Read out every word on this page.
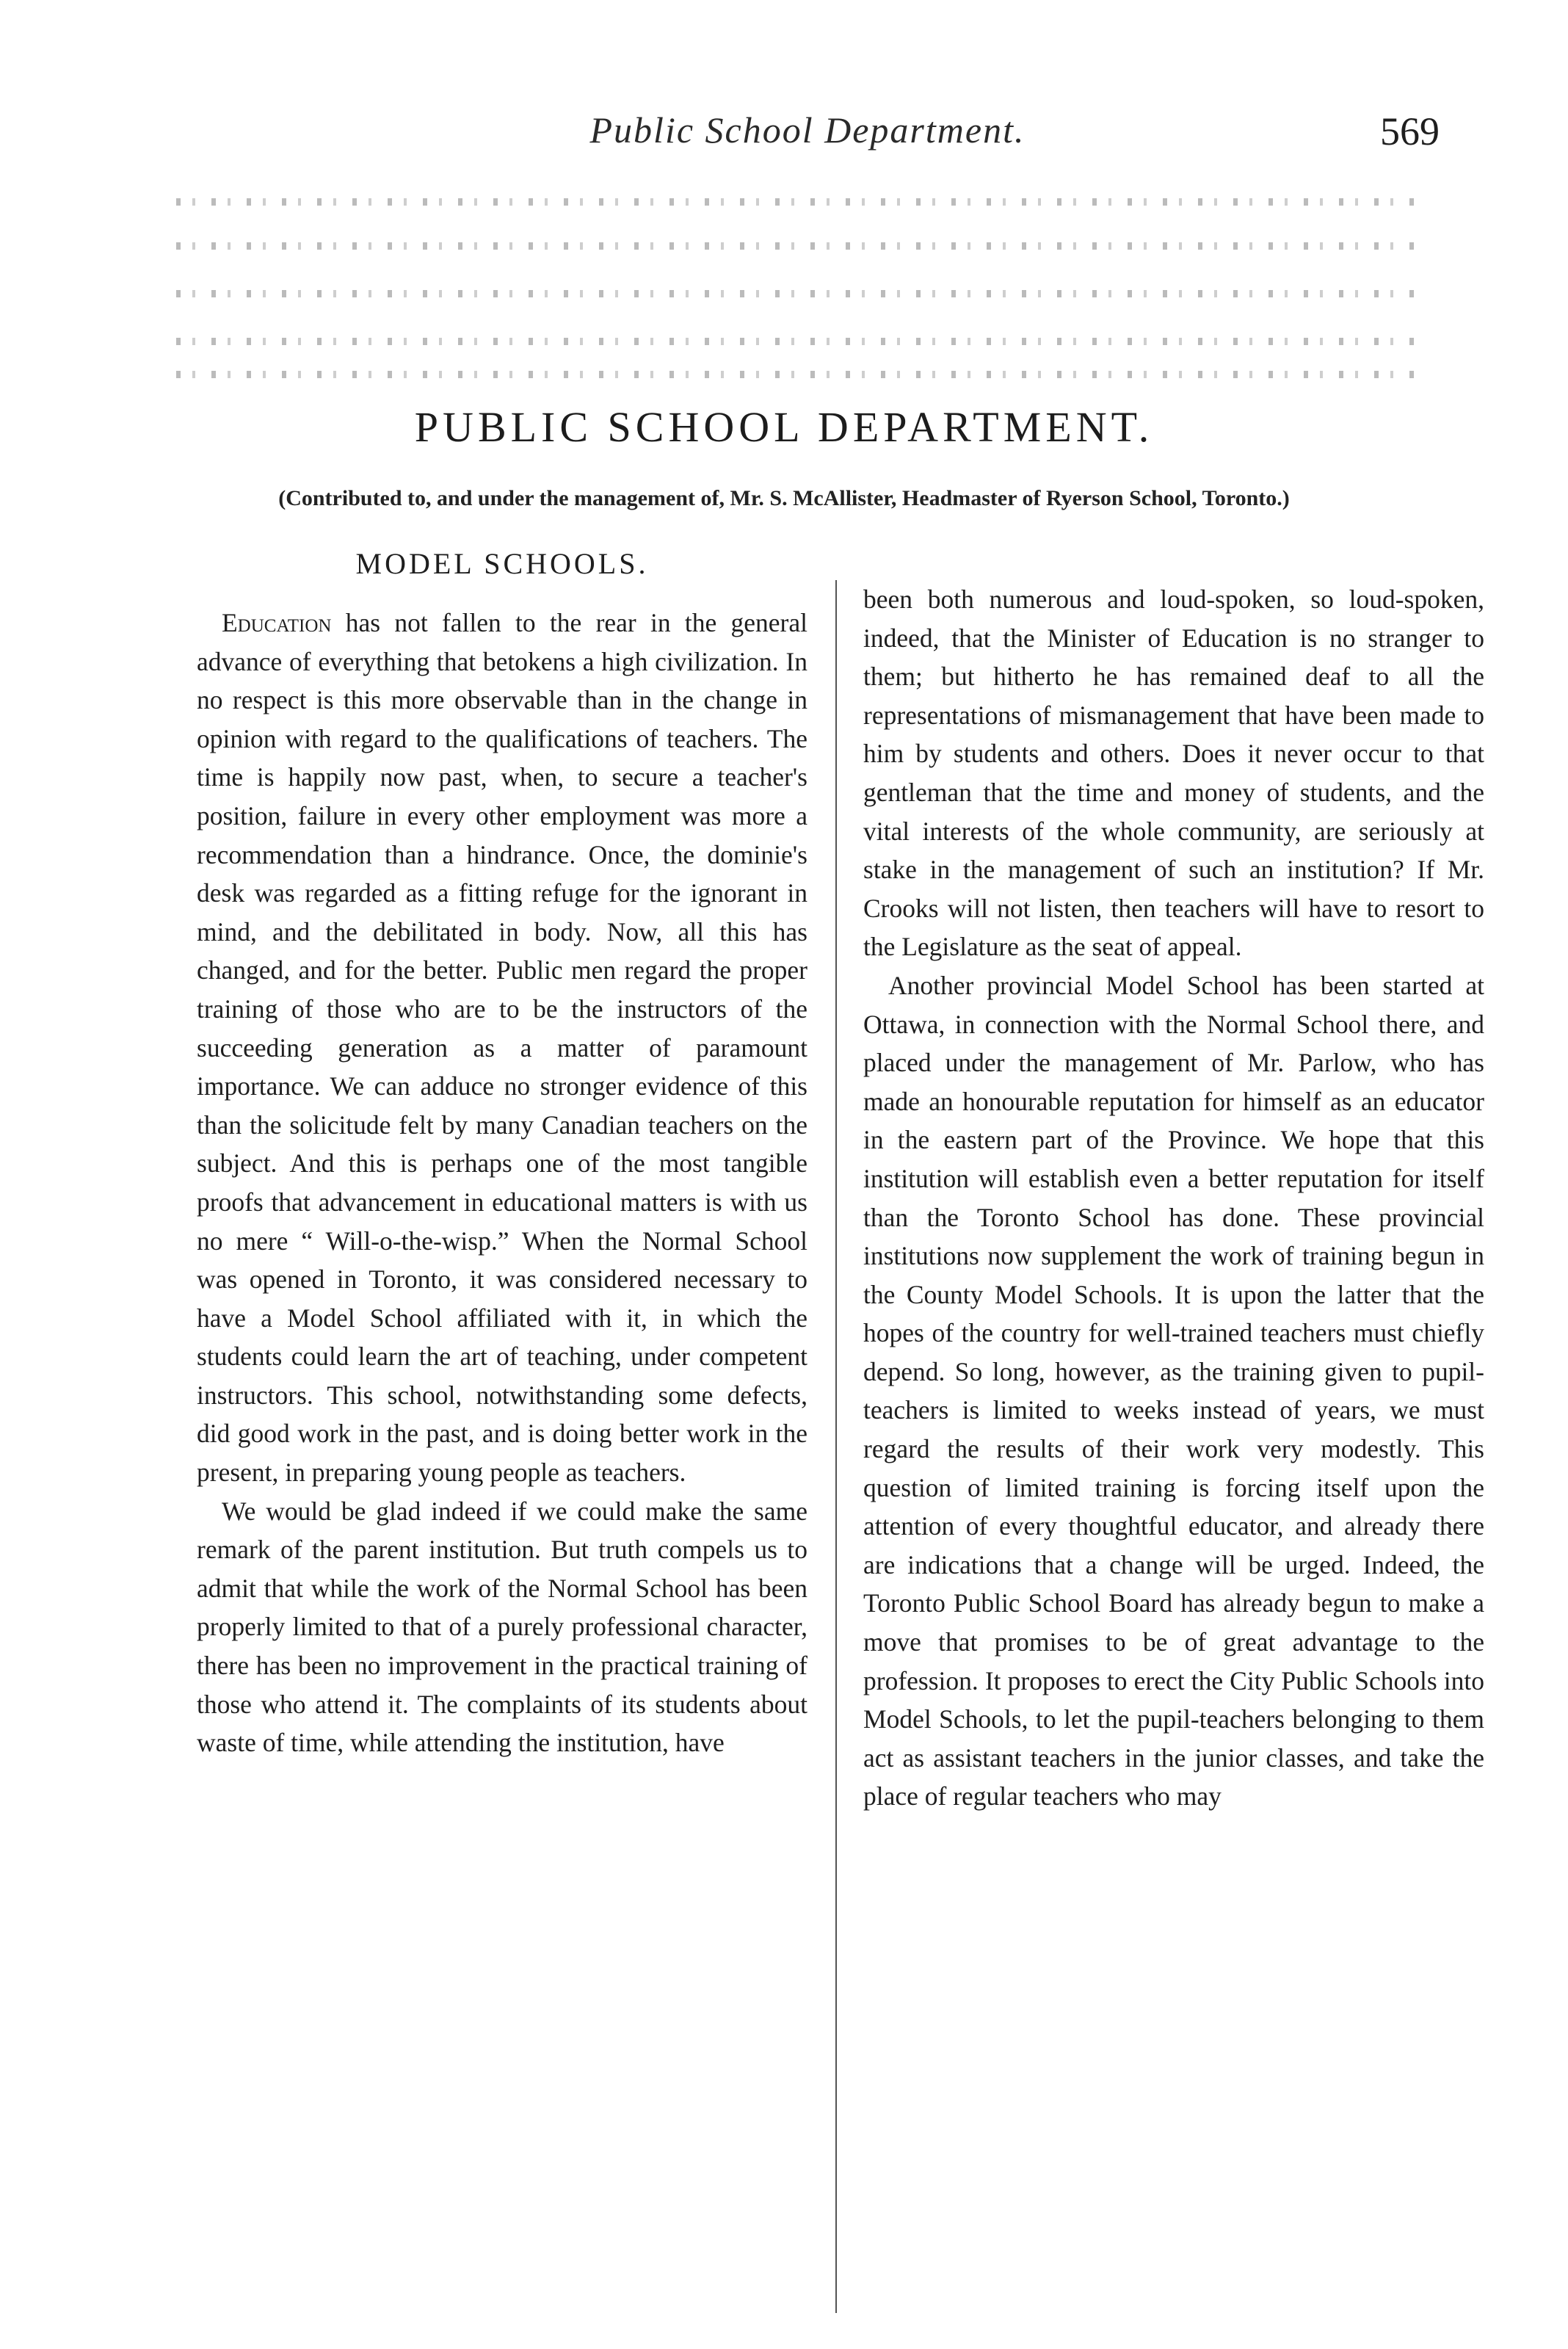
Public School Department.	569
PUBLIC SCHOOL DEPARTMENT.
(Contributed to, and under the management of, Mr. S. McAllister, Headmaster of Ryerson School, Toronto.)
MODEL SCHOOLS.

Education has not fallen to the rear in the general advance of everything that betokens a high civilization. In no respect is this more observable than in the change in opinion with regard to the qualifications of teachers. The time is happily now past, when, to secure a teacher's position, failure in every other employment was more a recommendation than a hindrance. Once, the dominie's desk was regarded as a fitting refuge for the ignorant in mind, and the debilitated in body. Now, all this has changed, and for the better. Public men regard the proper training of those who are to be the instructors of the succeeding generation as a matter of paramount importance. We can adduce no stronger evidence of this than the solicitude felt by many Canadian teachers on the subject. And this is perhaps one of the most tangible proofs that advancement in educational matters is with us no mere “ Will-o-the-wisp.” When the Normal School was opened in Toronto, it was considered necessary to have a Model School affiliated with it, in which the students could learn the art of teaching, under competent instructors. This school, notwithstanding some defects, did good work in the past, and is doing better work in the present, in preparing young people as teachers.

We would be glad indeed if we could make the same remark of the parent institution. But truth compels us to admit that while the work of the Normal School has been properly limited to that of a purely professional character, there has been no improvement in the practical training of those who attend it. The complaints of its students about waste of time, while attending the institution, have

been both numerous and loud-spoken, so loud-spoken, indeed, that the Minister of Education is no stranger to them; but hitherto he has remained deaf to all the representations of mismanagement that have been made to him by students and others. Does it never occur to that gentleman that the time and money of students, and the vital interests of the whole community, are seriously at stake in the management of such an institution? If Mr. Crooks will not listen, then teachers will have to resort to the Legislature as the seat of appeal.

Another provincial Model School has been started at Ottawa, in connection with the Normal School there, and placed under the management of Mr. Parlow, who has made an honourable reputation for himself as an educator in the eastern part of the Province. We hope that this institution will establish even a better reputation for itself than the Toronto School has done. These provincial institutions now supplement the work of training begun in the County Model Schools. It is upon the latter that the hopes of the country for well-trained teachers must chiefly depend. So long, however, as the training given to pupil-teachers is limited to weeks instead of years, we must regard the results of their work very modestly. This question of limited training is forcing itself upon the attention of every thoughtful educator, and already there are indications that a change will be urged. Indeed, the Toronto Public School Board has already begun to make a move that promises to be of great advantage to the profession. It proposes to erect the City Public Schools into Model Schools, to let the pupil-teachers belonging to them act as assistant teachers in the junior classes, and take the place of regular teachers who may
